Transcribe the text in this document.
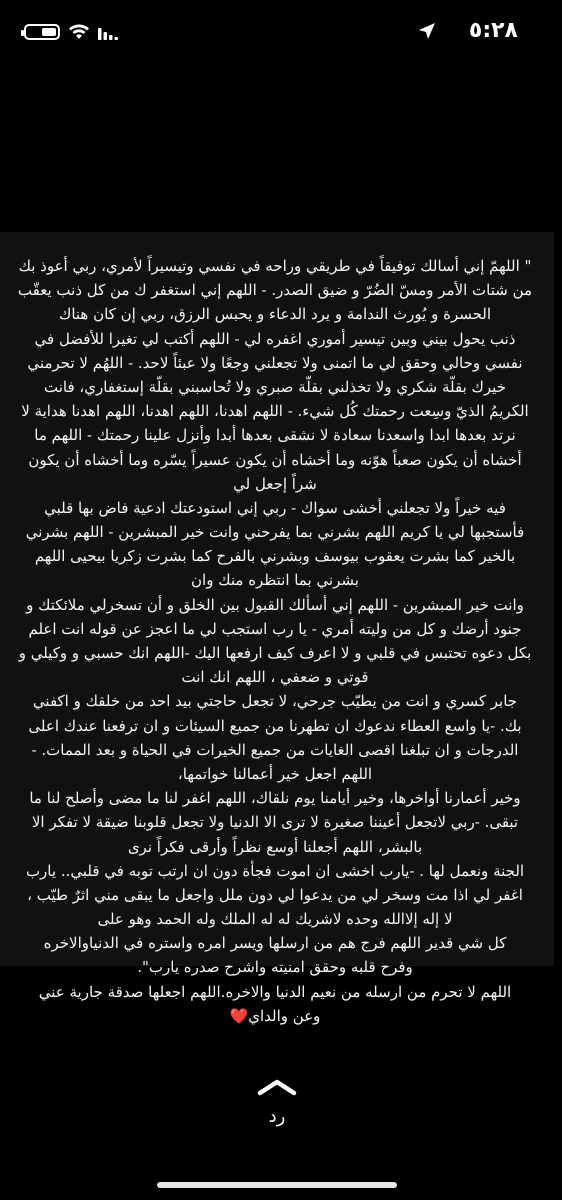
٥:٢٨
" اللهمّ إني أسالك توفيقاً في طريقي وراحه في نفسي وتيسيراً لأمري، ربي أعوذ بك
من شتات الأمر ومسّ الضُرّ و ضيق الصدر. - اللهم إني استغفر ك من كل ذنب يعقّب
الحسرة و يُورث الندامة و يرد الدعاء و يحبس الرزق، ربي إن كان هناك
ذنب يحول بيني وبين تيسير أموري اغفره لي - اللهم أكتب لي تغيرا للأفضل في
نفسي وحالي وحقق لي ما اتمنى ولا تجعلني وجعًا ولا عبئاً لاحد. - اللهُم لا تحرمني
خيرك بقلّة شكري ولا تخذلني بقلّة صبري ولا تُحاسبني بقلّة إستغفاري، فانت
الكريمُ الذيّ وسِعت رحمتك كُل شيء. - اللهم اهدنا، اللهم اهدنا، اللهم اهدنا هداية لا
نرتد بعدها ابدا واسعدنا سعادة لا نشقى بعدها أبدا وأنزل علينا رحمتك - اللهم ما
أخشاه أن يكون صعباً هوّنه وما أخشاه أن يكون عسيراً يسّره وما أخشاه أن يكون
شراً إجعل لي
فيه خيراً ولا تجعلني أخشى سواك - ربي إني استودعتك ادعية فاض بها قلبي
فأستجبها لي يا كريم اللهم بشرني بما يفرحني وانت خير المبشرين - اللهم بشرني
بالخير كما بشرت يعقوب بيوسف وبشرني بالفرح كما بشرت زكريا بيحيى اللهم
بشرني بما انتظره منك وان
وانت خير المبشرين - اللهم إني أسألك القبول بين الخلق و أن تسخرلي ملائكتك و
جنود أرضك و كل من وليته أمري - يا رب استجب لي ما اعجز عن قوله انت اعلم
بكل دعوه تحتبس في قلبي و لا اعرف كيف ارفعها اليك -اللهم انك حسبي و وكيلي و
قوتي و ضعفي ، اللهم انك انت
جابر كسري و انت من يطيّب جرحي، لا تجعل حاجتي بيد احد من خلقك و اكفني
بك. -يا واسع العطاء ندعوك ان تطهرنا من جميع السيئات و ان ترفعنا عندك اعلى
الدرجات و ان تبلغنا اقصى الغايات من جميع الخيرات في الحياة و بعد الممات. -
اللهم اجعل خير أعمالنا خواتمها،
وخير أعمارنا أواخرها، وخير أيامنا يوم نلقاك، اللهم اغفر لنا ما مضى وأصلح لنا ما
تبقى. -ربي لاتجعل أعيننا صغيرة لا ترى الا الدنيا ولا تجعل قلوبنا ضيقة لا تفكر الا
بالبشر، اللهم أجعلنا أوسع نظراً وأرقى فكراً نرى
الجنة ونعمل لها . -يارب اخشى ان اموت فجأة دون ان ارتب توبه في قلبي.. يارب
اغفر لي اذا مت وسخر لي من يدعوا لي دون ملل واجعل ما يبقى مني اثرٌ طيّب ،
لا إله إلاالله وحده لاشريك له له الملك وله الحمد وهو على
كل شي قدير اللهم فرج هم من ارسلها ويسر امره واستره في الدنياوالاخره
وفرح قلبه وحقق امنيته واشرح صدره يارب".
اللهم لا تحرم من ارسله من نعيم الدنيا والاخره.اللهم اجعلها صدقة جارية عني
وعن والداي❤️
رد
